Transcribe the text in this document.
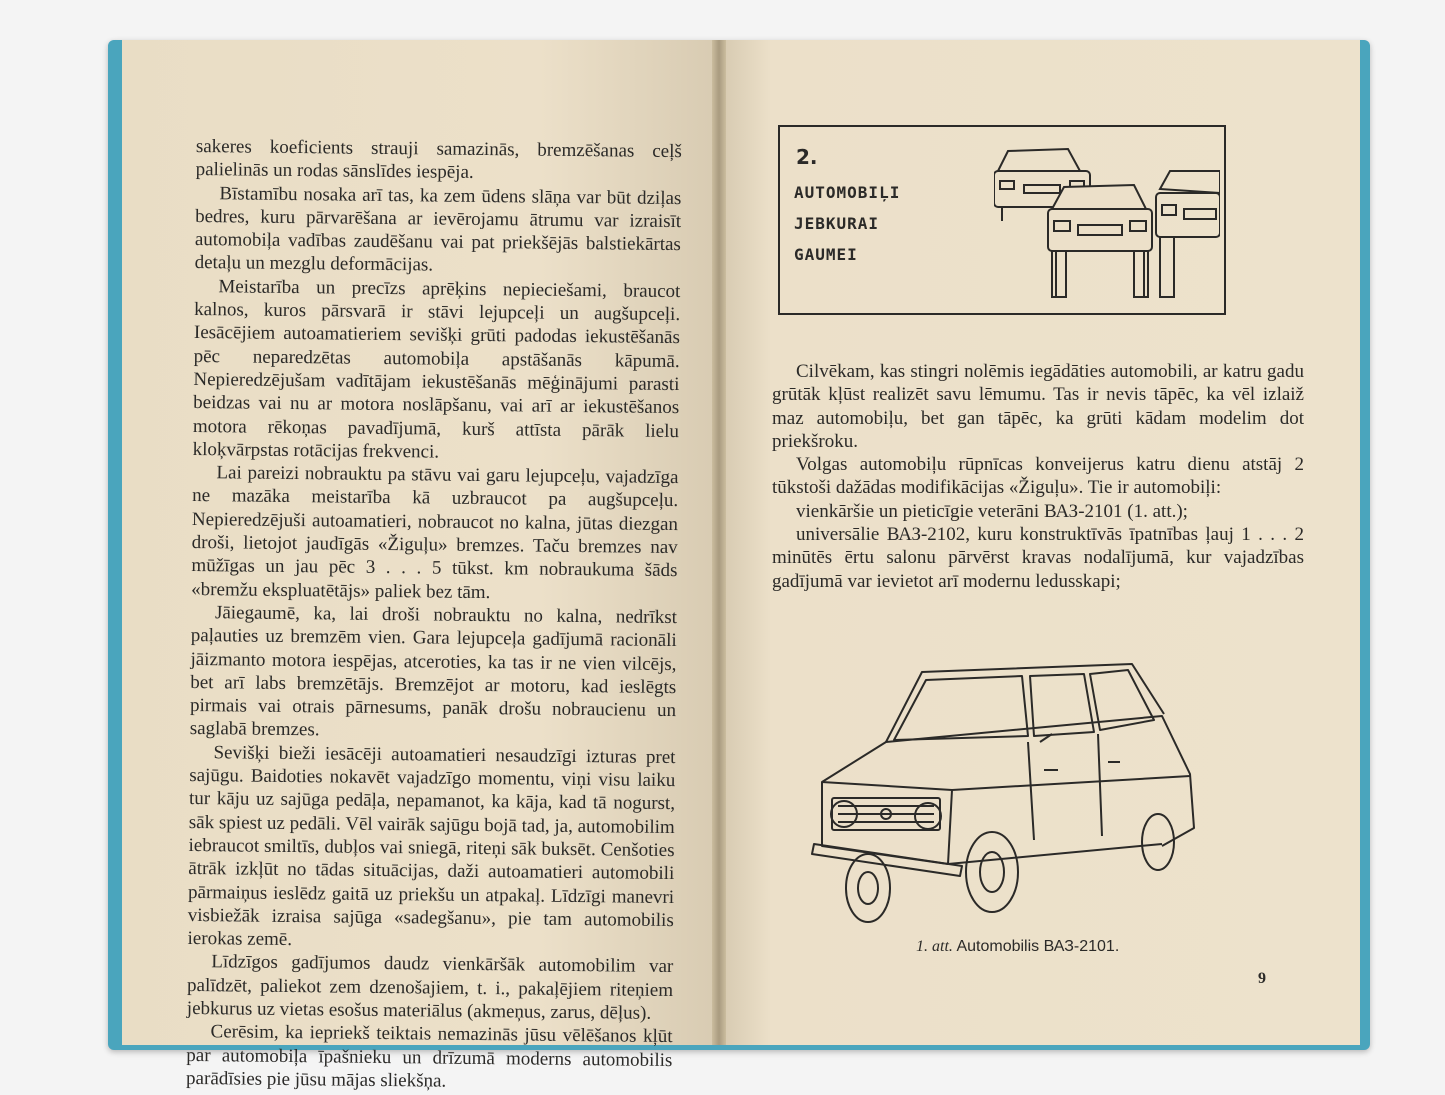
sakeres koeficients strauji samazinās, bremzēšanas ceļš palielinās un rodas sānslīdes iespēja.

Bīstamību nosaka arī tas, ka zem ūdens slāņa var būt dziļas bedres, kuru pārvarēšana ar ievērojamu ātrumu var izraisīt automobiļa vadības zaudēšanu vai pat priekšējās balstiekārtas detaļu un mezglu deformācijas.

Meistarība un precīzs aprēķins nepieciešami, braucot kalnos, kuros pārsvarā ir stāvi lejupceļi un augšupceļi. Iesācējiem autoamatieriem sevišķi grūti padodas iekustēšanās pēc neparedzētas automobiļa apstāšanās kāpumā. Nepieredzējušam vadītājam iekustēšanās mēģinājumi parasti beidzas vai nu ar motora noslāpšanu, vai arī ar iekustēšanos motora rēkoņas pavadījumā, kurš attīsta pārāk lielu kloķvārpstas rotācijas frekvenci.

Lai pareizi nobrauktu pa stāvu vai garu lejupceļu, vajadzīga ne mazāka meistarība kā uzbraucot pa augšupceļu. Nepieredzējuši autoamatieri, nobraucot no kalna, jūtas diezgan droši, lietojot jaudīgās «Žiguļu» bremzes. Taču bremzes nav mūžīgas un jau pēc 3 . . . 5 tūkst. km nobraukuma šāds «bremžu ekspluatētājs» paliek bez tām.

Jāiegaumē, ka, lai droši nobrauktu no kalna, nedrīkst paļauties uz bremzēm vien. Gara lejupceļa gadījumā racionāli jāizmanto motora iespējas, atceroties, ka tas ir ne vien vilcējs, bet arī labs bremzētājs. Bremzējot ar motoru, kad ieslēgts pirmais vai otrais pārnesums, panāk drošu nobraucienu un saglabā bremzes.

Sevišķi bieži iesācēji autoamatieri nesaudzīgi izturas pret sajūgu. Baidoties nokavēt vajadzīgo momentu, viņi visu laiku tur kāju uz sajūga pedāļa, nepamanot, ka kāja, kad tā nogurst, sāk spiest uz pedāli. Vēl vairāk sajūgu bojā tad, ja, automobilim iebraucot smiltīs, dubļos vai sniegā, riteņi sāk buksēt. Cenšoties ātrāk izkļūt no tādas situācijas, daži autoamatieri automobili pārmaiņus ieslēdz gaitā uz priekšu un atpakaļ. Līdzīgi manevri visbiežāk izraisa sajūga «sadegšanu», pie tam automobilis ierokas zemē.

Līdzīgos gadījumos daudz vienkāršāk automobilim var palīdzēt, paliekot zem dzenošajiem, t. i., pakaļējiem riteņiem jebkurus uz vietas esošus materiālus (akmeņus, zarus, dēļus).

Cerēsim, ka iepriekš teiktais nemazinās jūsu vēlēšanos kļūt par automobiļa īpašnieku un drīzumā moderns automobilis parādīsies pie jūsu mājas sliekšņa.

2.
AUTOMOBIĻI
JEBKURAI
GAUMEI

Cilvēkam, kas stingri nolēmis iegādāties automobili, ar katru gadu grūtāk kļūst realizēt savu lēmumu. Tas ir nevis tāpēc, ka vēl izlaiž maz automobiļu, bet gan tāpēc, ka grūti kādam modelim dot priekšroku.

Volgas automobiļu rūpnīcas konveijerus katru dienu atstāj 2 tūkstoši dažādas modifikācijas «Žiguļu». Tie ir automobiļi:

vienkāršie un pieticīgie veterāni ВАЗ-2101 (1. att.);

universālie ВАЗ-2102, kuru konstruktīvās īpatnības ļauj 1 . . . 2 minūtēs ērtu salonu pārvērst kravas nodalījumā, kur vajadzības gadījumā var ievietot arī modernu ledusskapi;

1. att. Automobilis ВАЗ-2101.
9
